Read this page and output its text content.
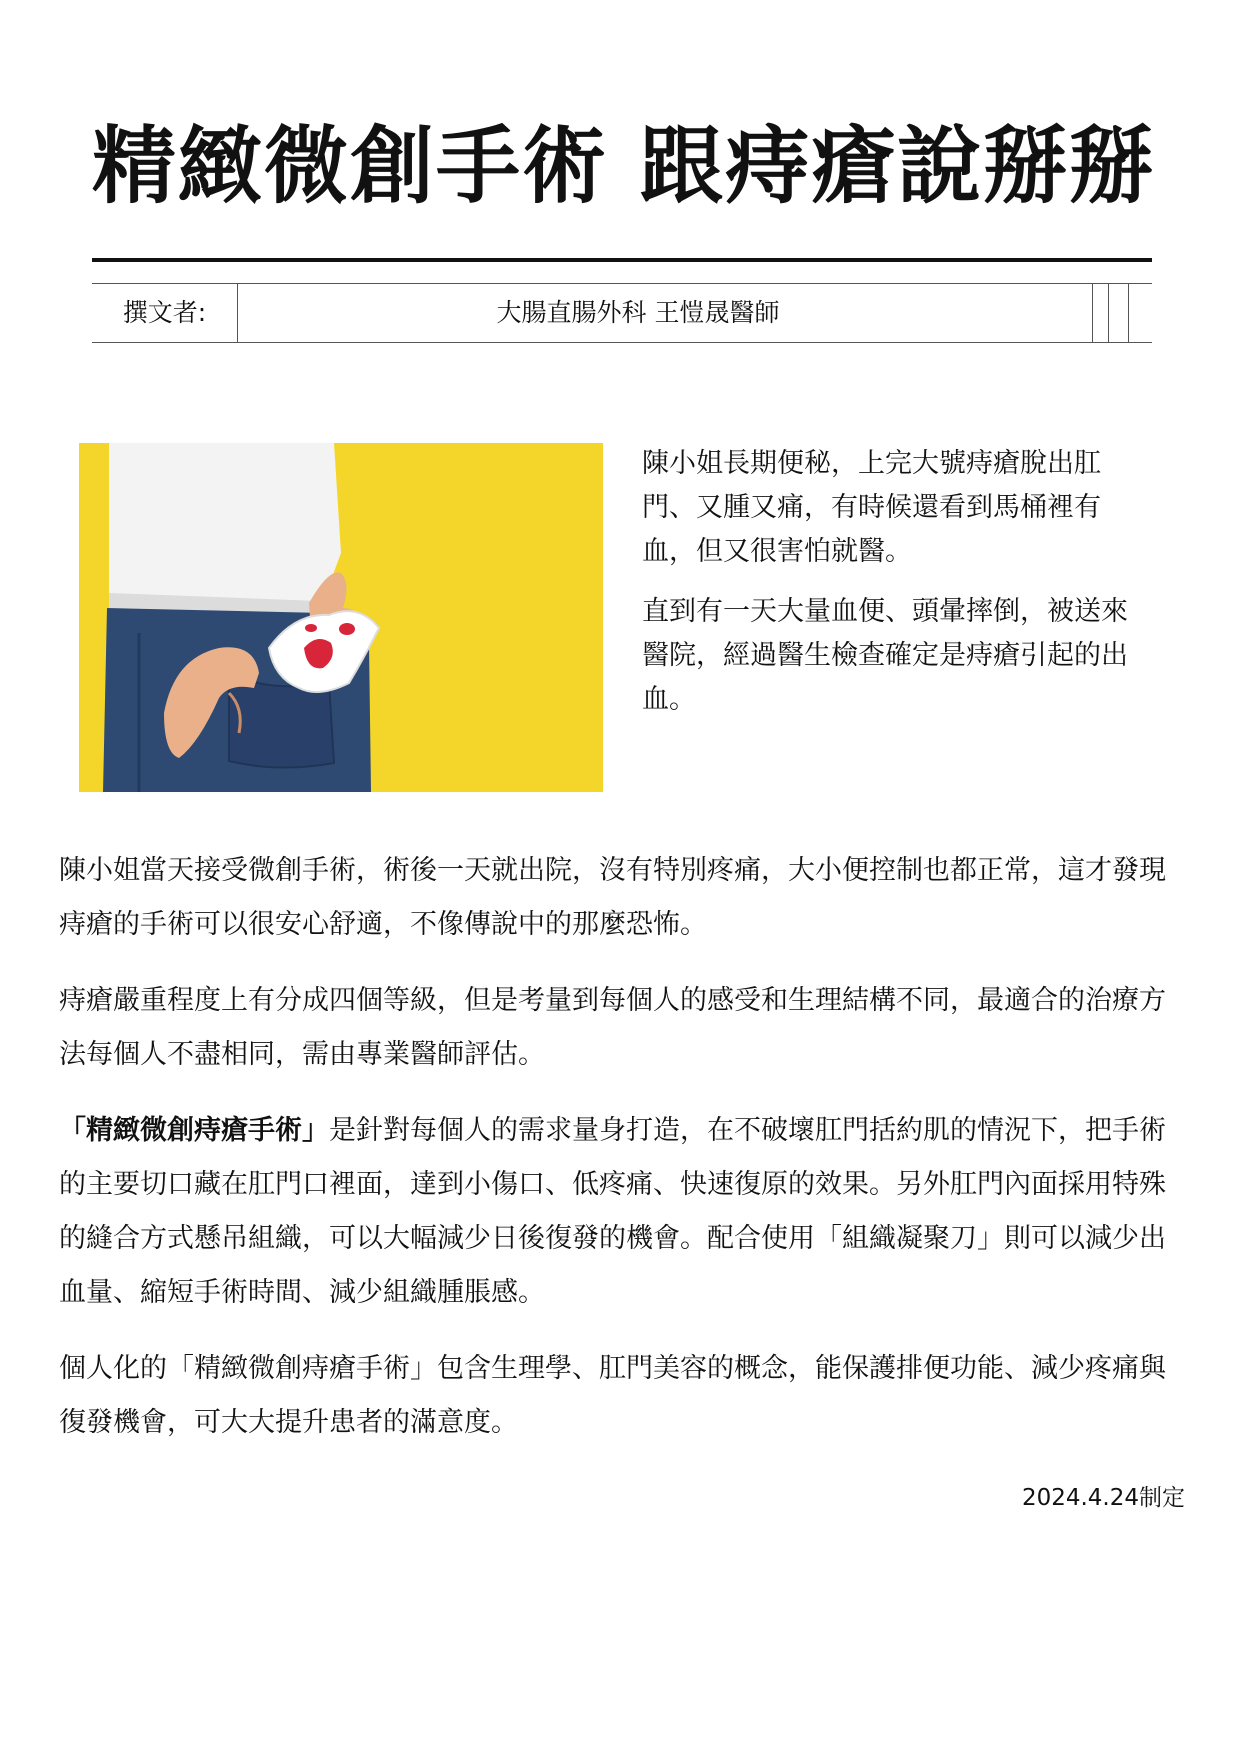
精緻微創手術 跟痔瘡說掰掰
撰文者:	大腸直腸外科 王愷晟醫師

陳小姐長期便秘，上完大號痔瘡脫出肛門、又腫又痛，有時候還看到馬桶裡有血，但又很害怕就醫。

直到有一天大量血便、頭暈摔倒，被送來醫院，經過醫生檢查確定是痔瘡引起的出血。

陳小姐當天接受微創手術，術後一天就出院，沒有特別疼痛，大小便控制也都正常，這才發現痔瘡的手術可以很安心舒適，不像傳說中的那麼恐怖。

痔瘡嚴重程度上有分成四個等級，但是考量到每個人的感受和生理結構不同，最適合的治療方法每個人不盡相同，需由專業醫師評估。

「精緻微創痔瘡手術」是針對每個人的需求量身打造，在不破壞肛門括約肌的情況下，把手術的主要切口藏在肛門口裡面，達到小傷口、低疼痛、快速復原的效果。另外肛門內面採用特殊的縫合方式懸吊組織，可以大幅減少日後復發的機會。配合使用「組織凝聚刀」則可以減少出血量、縮短手術時間、減少組織腫脹感。

個人化的「精緻微創痔瘡手術」包含生理學、肛門美容的概念，能保護排便功能、減少疼痛與復發機會，可大大提升患者的滿意度。

2024.4.24制定
